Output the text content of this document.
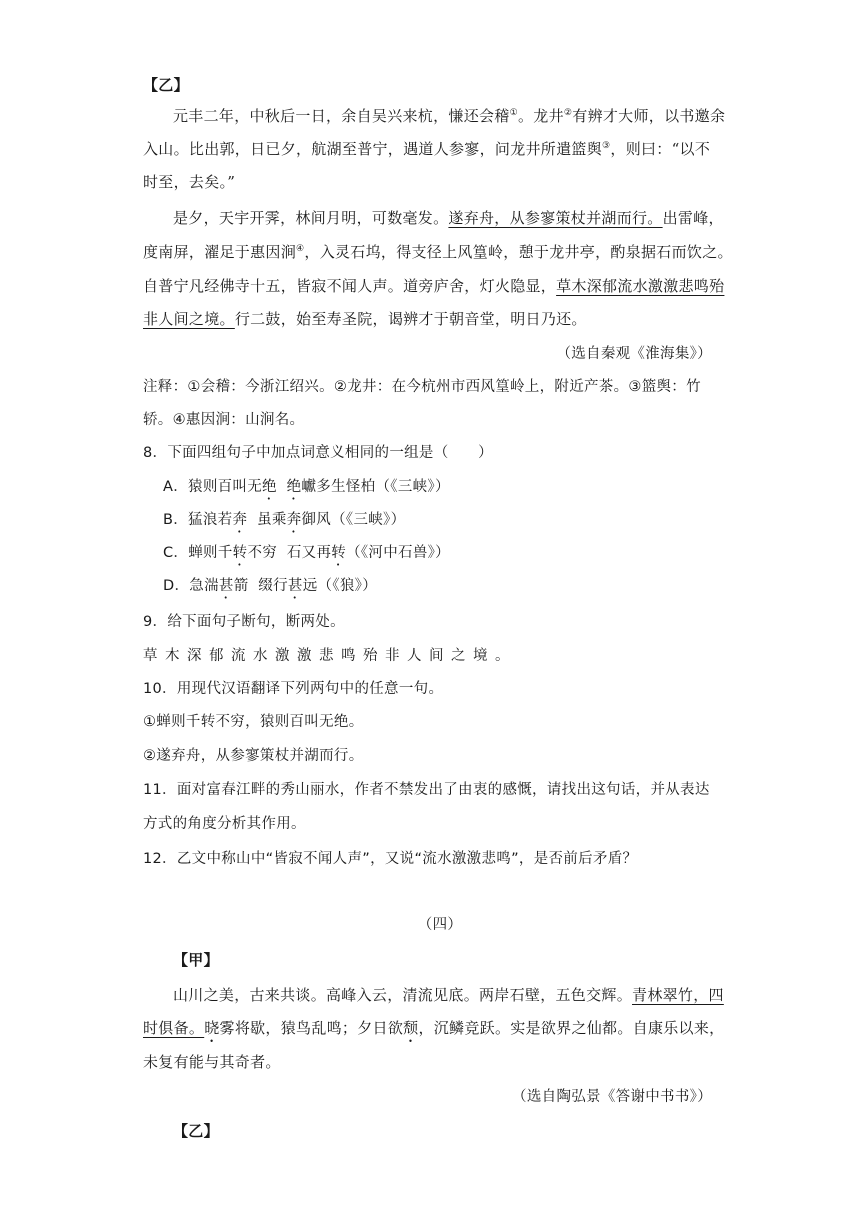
【乙】
元丰二年，中秋后一日，余自吴兴来杭，慊还会稽①。龙井②有辨才大师，以书邀余
入山。比出郭，日已夕，航湖至普宁，遇道人参寥，问龙井所遣篮舆③，则曰：“以不
时至，去矣。”
是夕，天宇开霁，林间月明，可数毫发。遂弃舟，从参寥策杖并湖而行。出雷峰，
度南屏，濯足于惠因涧④，入灵石坞，得支径上风篁岭，憩于龙井亭，酌泉据石而饮之。
自普宁凡经佛寺十五，皆寂不闻人声。道旁庐舍，灯火隐显，草木深郁流水激激悲鸣殆
非人间之境。行二鼓，始至寿圣院，谒辨才于朝音堂，明日乃还。
（选自秦观《淮海集》）
注释：①会稽：今浙江绍兴。②龙井：在今杭州市西风篁岭上，附近产茶。③篮舆：竹
轿。④惠因涧：山涧名。
8．下面四组句子中加点词意义相同的一组是（　　）
A．猿则百叫无绝 绝巘多生怪柏（《三峡》）
B．猛浪若奔  虽乘奔御风（《三峡》）
C．蝉则千转不穷  石又再转（《河中石兽》）
D．急湍甚箭  缀行甚远（《狼》）
9．给下面句子断句，断两处。
草木深郁流水激激悲鸣殆非人间之境。
10．用现代汉语翻译下列两句中的任意一句。
①蝉则千转不穷，猿则百叫无绝。
②遂弃舟，从参寥策杖并湖而行。
11．面对富春江畔的秀山丽水，作者不禁发出了由衷的感慨，请找出这句话，并从表达
方式的角度分析其作用。
12．乙文中称山中“皆寂不闻人声”，又说“流水激激悲鸣”，是否前后矛盾？
（四）
【甲】
山川之美，古来共谈。高峰入云，清流见底。两岸石壁，五色交辉。青林翠竹，四
时俱备。晓雾将歇，猿鸟乱鸣；夕日欲颓，沉鳞竞跃。实是欲界之仙都。自康乐以来，
未复有能与其奇者。
（选自陶弘景《答谢中书书》）
【乙】
